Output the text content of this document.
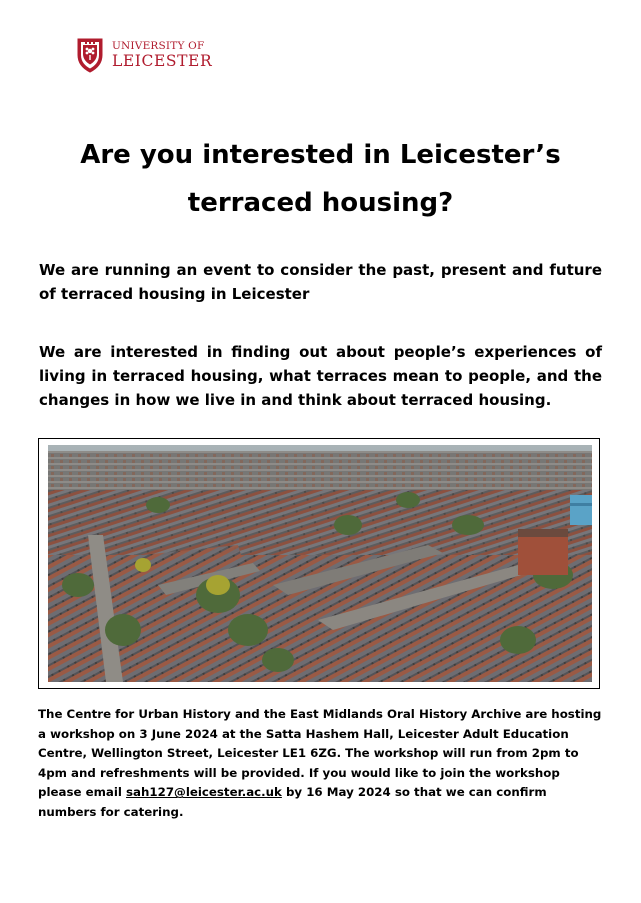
UNIVERSITY OF
LEICESTER
Are you interested in Leicester’s
terraced housing?

We are running an event to consider the past, present and future of terraced housing in Leicester

We are interested in finding out about people’s experiences of living in terraced housing, what terraces mean to people, and the changes in how we live in and think about terraced housing.

The Centre for Urban History and the East Midlands Oral History Archive are hosting a workshop on 3 June 2024 at the Satta Hashem Hall, Leicester Adult Education Centre, Wellington Street, Leicester LE1 6ZG. The workshop will run from 2pm to 4pm and refreshments will be provided. If you would like to join the workshop please email sah127@leicester.ac.uk by 16 May 2024 so that we can confirm numbers for catering.
